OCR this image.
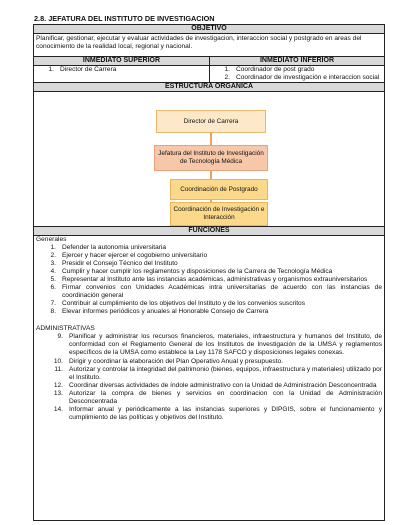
2.8. JEFATURA DEL INSTITUTO DE INVESTIGACION
OBJETIVO
Planificar, gestionar, ejecutar y evaluar actividades de investigacion, interaccion social y postgrado en areas del conocimiento de la realidad local, regional y nacional.
INMEDIATO SUPERIOR
1. Director de Carrera
INMEDIATO INFERIOR
1. Coordinador de post grado
2. Coordinador de investigación e interaccion social
ESTRUCTURA ORGANICA
Director de Carrera
Jefatura del Instituto de Investigación de Tecnología Médica
Coordinación de Postgrado
Coordinación de Investigación e Interacción
FUNCIONES
Generales
1. Defender la autonomia universitaria
2. Ejercer y hacer ejercer el cogobierno universitario
3. Presidir el Consejo Técnico del Instituto
4. Cumplir y hacer cumplir los reglamentos y disposiciones de la Carrera de Tecnología Médica
5. Representar al Instituto ante las instancias académicas, administrativas y organismos extrauniversitarios
6. Firmar convenios con Unidades Académicas intra universitarias de acuerdo con las instancias de coordinación general
7. Contribuir al cumplimiento de los objetivos del Instituto y de los convenios suscritos
8. Elevar informes periódicos y anuales al Honorable Consejo de Carrera
ADMINISTRATIVAS
9. Planificar y administrar los recursos financieros, materiales, infraestructura y humanos del Instituto, de conformidad con el Reglamento General de los Institutos de Investigación de la UMSA y reglamentos específicos de la UMSA como establece la Ley 1178 SAFCO y disposiciones legales conexas.
10. Dirigir y coordinar la elaboración del Plan Operativo Anual y presupuesto.
11. Autorizar y controlar la integridad del patrimonio (bienes, equipos, infraestructura y materiales) utilizado por el Instituto.
12. Coordinar diversas actividades de índole administrativo con la Unidad de Administración Desconcentrada
13. Autorizar la compra de bienes y servicios en coordinacion con la Unidad de Administración Desconcentrada
14. Informar anual y periódicamente a las instancias superiores y DIPGIS, sobre el funcionamiento y cumplimiento de las políticas y objetivos del Instituto.
